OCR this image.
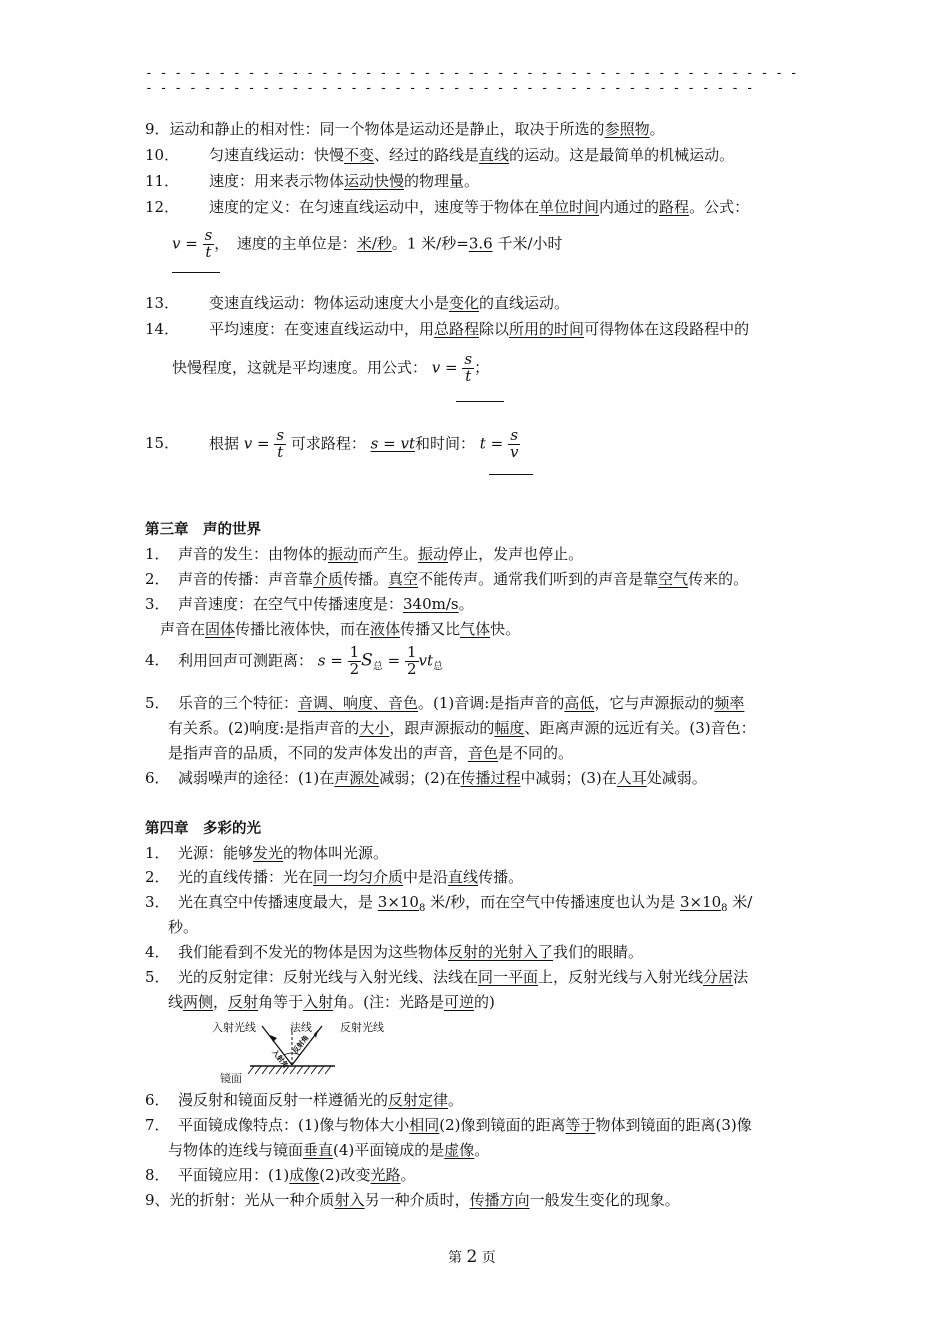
- - - - - - - - - - - - - - - - - - - - - - - - - - - - - - - - - - - - - - - - - - - - - - - - - - - - - - - - - - - - - - - - - - - - - - - - - - - - - - - - - - - - - - -
9．运动和静止的相对性：同一个物体是运动还是静止，取决于所选的参照物。
10． 匀速直线运动：快慢不变、经过的路线是直线的运动。这是最简单的机械运动。
11． 速度：用来表示物体运动快慢的物理量。
12． 速度的定义：在匀速直线运动中，速度等于物体在单位时间内通过的路程。公式：
$v = \frac{s}{t}$ ，　速度的主单位是：米/秒。1 米/秒=3.6 千米/小时
13． 变速直线运动：物体运动速度大小是变化的直线运动。
14． 平均速度：在变速直线运动中，用总路程除以所用的时间可得物体在这段路程中的
快慢程度，这就是平均速度。用公式： $v = \frac{s}{t}$ ；
15． 根据 $v = \frac{s}{t}$ 可求路程： s = vt和时间： $t = \frac{s}{v}$
第三章　声的世界
1． 声音的发生：由物体的振动而产生。振动停止，发声也停止。
2． 声音的传播：声音靠介质传播。真空不能传声。通常我们听到的声音是靠空气传来的。
3． 声音速度：在空气中传播速度是：340m/s。
声音在固体传播比液体快，而在液体传播又比气体快。
4． 利用回声可测距离： $s = \frac{1}{2} S_总 = \frac{1}{2} vt_总$
5． 乐音的三个特征：音调、响度、音色。(1)音调:是指声音的高低，它与声源振动的频率
有关系。(2)响度:是指声音的大小，跟声源振动的幅度、距离声源的远近有关。(3)音色：
是指声音的品质，不同的发声体发出的声音，音色是不同的。
6． 减弱噪声的途径：(1)在声源处减弱；(2)在传播过程中减弱；(3)在人耳处减弱。
第四章　多彩的光
1． 光源：能够发光的物体叫光源。
2． 光的直线传播：光在同一均匀介质中是沿直线传播。
3． 光在真空中传播速度最大，是 $3\times 10_8$ 米/秒，而在空气中传播速度也认为是 $3\times 10_8$ 米/
秒。
4． 我们能看到不发光的物体是因为这些物体反射的光射入了我们的眼睛。
5． 光的反射定律：反射光线与入射光线、法线在同一平面上，反射光线与入射光线分居法
线两侧，反射角等于入射角。(注：光路是可逆的)
入射角
反射角
入射光线	法线	反射光线
镜面
6． 漫反射和镜面反射一样遵循光的反射定律。
7． 平面镜成像特点：(1)像与物体大小相同(2)像到镜面的距离等于物体到镜面的距离(3)像
与物体的连线与镜面垂直(4)平面镜成的是虚像。
8． 平面镜应用：(1)成像(2)改变光路。
9、光的折射：光从一种介质射入另一种介质时，传播方向一般发生变化的现象。
第 2 页
